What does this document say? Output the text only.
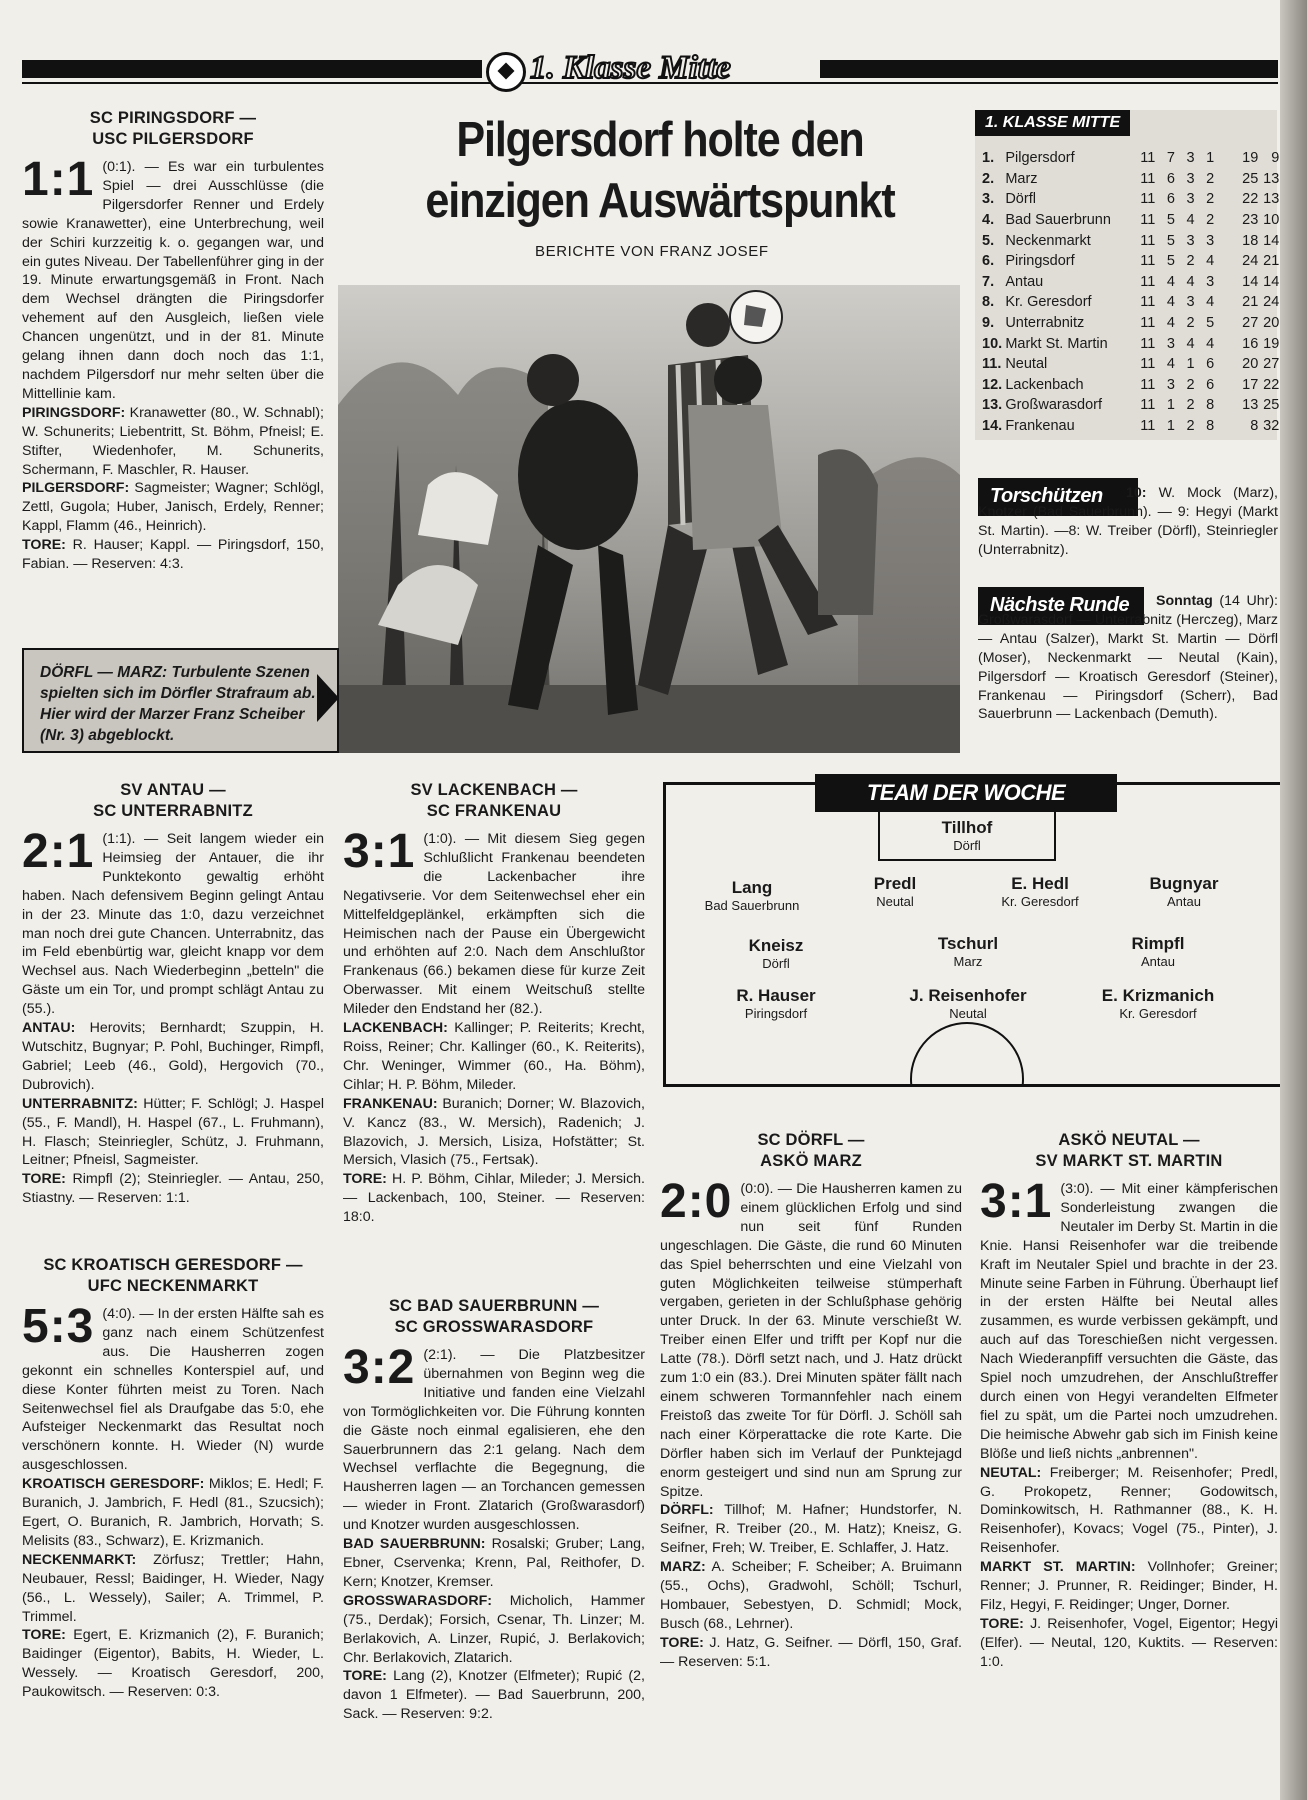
1. Klasse Mitte
Pilgersdorf holte den einzigen Auswärtspunkt
BERICHTE VON FRANZ JOSEF
DÖRFL — MARZ: Turbulente Szenen spielten sich im Dörfler Strafraum ab. Hier wird der Marzer Franz Scheiber (Nr. 3) abgeblockt.
SC PIRINGSDORF —
USC PILGERSDORF
1:1 (0:1). — Es war ein turbulentes Spiel — drei Ausschlüsse (die Pilgersdorfer Renner und Erdely sowie Kranawetter), eine Unterbrechung, weil der Schiri kurzzeitig k. o. gegangen war, und ein gutes Niveau. Der Tabellenführer ging in der 19. Minute erwartungsgemäß in Front. Nach dem Wechsel drängten die Piringsdorfer vehement auf den Ausgleich, ließen viele Chancen ungenützt, und in der 81. Minute gelang ihnen dann doch noch das 1:1, nachdem Pilgersdorf nur mehr selten über die Mittellinie kam.

PIRINGSDORF: Kranawetter (80., W. Schnabl); W. Schunerits; Liebentritt, St. Böhm, Pfneisl; E. Stifter, Wiedenhofer, M. Schunerits, Schermann, F. Maschler, R. Hauser.

PILGERSDORF: Sagmeister; Wagner; Schlögl, Zettl, Gugola; Huber, Janisch, Erdely, Renner; Kappl, Flamm (46., Heinrich).

TORE: R. Hauser; Kappl. — Piringsdorf, 150, Fabian. — Reserven: 4:3.

1. KLASSE MITTE
1.	Pilgersdorf	11	7	3	1	19	9	
2.	Marz	11	6	3	2	25	13	
3.	Dörfl	11	6	3	2	22	13	
4.	Bad Sauerbrunn	11	5	4	2	23	10	
5.	Neckenmarkt	11	5	3	3	18	14	
6.	Piringsdorf	11	5	2	4	24	21	
7.	Antau	11	4	4	3	14	14	
8.	Kr. Geresdorf	11	4	3	4	21	24	
9.	Unterrabnitz	11	4	2	5	27	20	
10.	Markt St. Martin	11	3	4	4	16	19	
11.	Neutal	11	4	1	6	20	27	
12.	Lackenbach	11	3	2	6	17	22	
13.	Großwarasdorf	11	1	2	8	13	25	
14.	Frankenau	11	1	2	8	8	32	
Torschützen	10: W. Mock (Marz), Knotzer (Bad Sauerbrunn). — 9: Hegyi (Markt St. Martin). —8: W. Treiber (Dörfl), Steinriegler (Unterrabnitz).
Nächste Runde	Sonntag (14 Uhr): Großwarasdorf — Unterrabnitz (Herczeg), Marz — Antau (Salzer), Markt St. Martin — Dörfl (Moser), Neckenmarkt — Neutal (Kain), Pilgersdorf — Kroatisch Geresdorf (Steiner), Frankenau — Piringsdorf (Scherr), Bad Sauerbrunn — Lackenbach (Demuth).
SV ANTAU —
SC UNTERRABNITZ
2:1 (1:1). — Seit langem wieder ein Heimsieg der Antauer, die ihr Punktekonto gewaltig erhöht haben. Nach defensivem Beginn gelingt Antau in der 23. Minute das 1:0, dazu verzeichnet man noch drei gute Chancen. Unterrabnitz, das im Feld ebenbürtig war, gleicht knapp vor dem Wechsel aus. Nach Wiederbeginn „betteln" die Gäste um ein Tor, und prompt schlägt Antau zu (55.).

ANTAU: Herovits; Bernhardt; Szuppin, H. Wutschitz, Bugnyar; P. Pohl, Buchinger, Rimpfl, Gabriel; Leeb (46., Gold), Hergovich (70., Dubrovich).

UNTERRABNITZ: Hütter; F. Schlögl; J. Haspel (55., F. Mandl), H. Haspel (67., L. Fruhmann), H. Flasch; Steinriegler, Schütz, J. Fruhmann, Leitner; Pfneisl, Sagmeister.

TORE: Rimpfl (2); Steinriegler. — Antau, 250, Stiastny. — Reserven: 1:1.

SC KROATISCH GERESDORF —
UFC NECKENMARKT
5:3 (4:0). — In der ersten Hälfte sah es ganz nach einem Schützenfest aus. Die Hausherren zogen gekonnt ein schnelles Konterspiel auf, und diese Konter führten meist zu Toren. Nach Seitenwechsel fiel als Draufgabe das 5:0, ehe Aufsteiger Neckenmarkt das Resultat noch verschönern konnte. H. Wieder (N) wurde ausgeschlossen.

KROATISCH GERESDORF: Miklos; E. Hedl; F. Buranich, J. Jambrich, F. Hedl (81., Szucsich); Egert, O. Buranich, R. Jambrich, Horvath; S. Melisits (83., Schwarz), E. Krizmanich.

NECKENMARKT: Zörfusz; Trettler; Hahn, Neubauer, Ressl; Baidinger, H. Wieder, Nagy (56., L. Wessely), Sailer; A. Trimmel, P. Trimmel.

TORE: Egert, E. Krizmanich (2), F. Buranich; Baidinger (Eigentor), Babits, H. Wieder, L. Wessely. — Kroatisch Geresdorf, 200, Paukowitsch. — Reserven: 0:3.

SV LACKENBACH —
SC FRANKENAU
3:1 (1:0). — Mit diesem Sieg gegen Schlußlicht Frankenau beendeten die Lackenbacher ihre Negativserie. Vor dem Seitenwechsel eher ein Mittelfeldgeplänkel, erkämpften sich die Heimischen nach der Pause ein Übergewicht und erhöhten auf 2:0. Nach dem Anschlußtor Frankenaus (66.) bekamen diese für kurze Zeit Oberwasser. Mit einem Weitschuß stellte Mileder den Endstand her (82.).

LACKENBACH: Kallinger; P. Reiterits; Krecht, Roiss, Reiner; Chr. Kallinger (60., K. Reiterits), Chr. Weninger, Wimmer (60., Ha. Böhm), Cihlar; H. P. Böhm, Mileder.

FRANKENAU: Buranich; Dorner; W. Blazovich, V. Kancz (83., W. Mersich), Radenich; J. Blazovich, J. Mersich, Lisiza, Hofstätter; St. Mersich, Vlasich (75., Fertsak).

TORE: H. P. Böhm, Cihlar, Mileder; J. Mersich. — Lackenbach, 100, Steiner. — Reserven: 18:0.

SC BAD SAUERBRUNN —
SC GROSSWARASDORF
3:2 (2:1). — Die Platzbesitzer übernahmen von Beginn weg die Initiative und fanden eine Vielzahl von Tormöglichkeiten vor. Die Führung konnten die Gäste noch einmal egalisieren, ehe den Sauerbrunnern das 2:1 gelang. Nach dem Wechsel verflachte die Begegnung, die Hausherren lagen — an Torchancen gemessen — wieder in Front. Zlatarich (Großwarasdorf) und Knotzer wurden ausgeschlossen.

BAD SAUERBRUNN: Rosalski; Gruber; Lang, Ebner, Cservenka; Krenn, Pal, Reithofer, D. Kern; Knotzer, Kremser.

GROSSWARASDORF: Micholich, Hammer (75., Derdak); Forsich, Csenar, Th. Linzer; M. Berlakovich, A. Linzer, Rupić, J. Berlakovich; Chr. Berlakovich, Zlatarich.

TORE: Lang (2), Knotzer (Elfmeter); Rupić (2, davon 1 Elfmeter). — Bad Sauerbrunn, 200, Sack. — Reserven: 9:2.

TEAM DER WOCHE
Tillhof
Dörfl
Lang
Bad Sauerbrunn
Predl
Neutal
E. Hedl
Kr. Geresdorf
Bugnyar
Antau
Kneisz
Dörfl
Tschurl
Marz
Rimpfl
Antau
R. Hauser
Piringsdorf
J. Reisenhofer
Neutal
E. Krizmanich
Kr. Geresdorf
SC DÖRFL —
ASKÖ MARZ
2:0 (0:0). — Die Hausherren kamen zu einem glücklichen Erfolg und sind nun seit fünf Runden ungeschlagen. Die Gäste, die rund 60 Minuten das Spiel beherrschten und eine Vielzahl von guten Möglichkeiten teilweise stümperhaft vergaben, gerieten in der Schlußphase gehörig unter Druck. In der 63. Minute verschießt W. Treiber einen Elfer und trifft per Kopf nur die Latte (78.). Dörfl setzt nach, und J. Hatz drückt zum 1:0 ein (83.). Drei Minuten später fällt nach einem schweren Tormannfehler nach einem Freistoß das zweite Tor für Dörfl. J. Schöll sah nach einer Körperattacke die rote Karte. Die Dörfler haben sich im Verlauf der Punktejagd enorm gesteigert und sind nun am Sprung zur Spitze.

DÖRFL: Tillhof; M. Hafner; Hundstorfer, N. Seifner, R. Treiber (20., M. Hatz); Kneisz, G. Seifner, Freh; W. Treiber, E. Schlaffer, J. Hatz.

MARZ: A. Scheiber; F. Scheiber; A. Bruimann (55., Ochs), Gradwohl, Schöll; Tschurl, Hombauer, Sebestyen, D. Schmidl; Mock, Busch (68., Lehrner).

TORE: J. Hatz, G. Seifner. — Dörfl, 150, Graf. — Reserven: 5:1.

ASKÖ NEUTAL —
SV MARKT ST. MARTIN
3:1 (3:0). — Mit einer kämpferischen Sonderleistung zwangen die Neutaler im Derby St. Martin in die Knie. Hansi Reisenhofer war die treibende Kraft im Neutaler Spiel und brachte in der 23. Minute seine Farben in Führung. Überhaupt lief in der ersten Hälfte bei Neutal alles zusammen, es wurde verbissen gekämpft, und auch auf das Toreschießen nicht vergessen. Nach Wiederanpfiff versuchten die Gäste, das Spiel noch umzudrehen, der Anschlußtreffer durch einen von Hegyi verandelten Elfmeter fiel zu spät, um die Partei noch umzudrehen. Die heimische Abwehr gab sich im Finish keine Blöße und ließ nichts „anbrennen".

NEUTAL: Freiberger; M. Reisenhofer; Predl, G. Prokopetz, Renner; Godowitsch, Dominkowitsch, H. Rathmanner (88., K. H. Reisenhofer), Kovacs; Vogel (75., Pinter), J. Reisenhofer.

MARKT ST. MARTIN: Vollnhofer; Greiner; Renner; J. Prunner, R. Reidinger; Binder, H. Filz, Hegyi, F. Reidinger; Unger, Dorner.

TORE: J. Reisenhofer, Vogel, Eigentor; Hegyi (Elfer). — Neutal, 120, Kuktits. — Reserven: 1:0.
